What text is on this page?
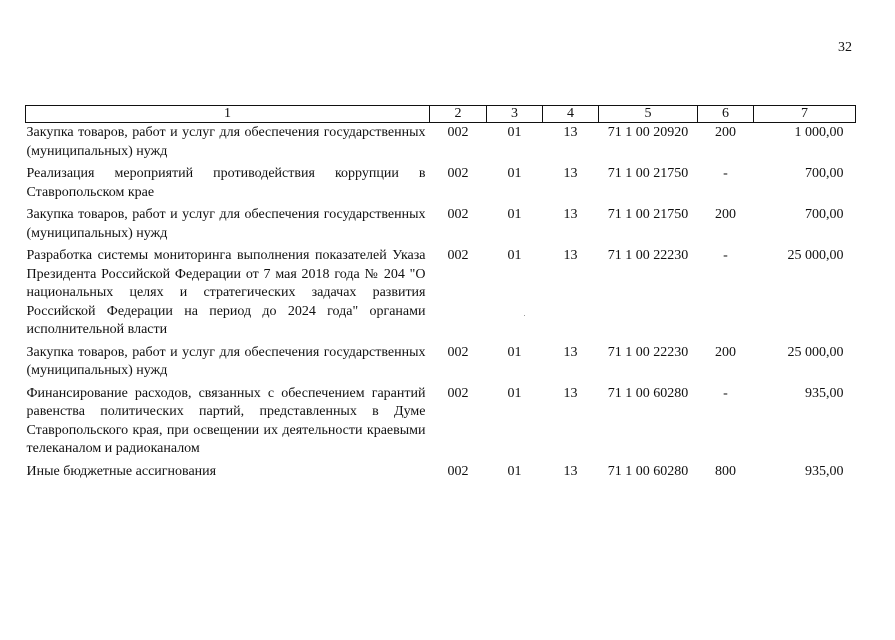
32
1	2	3	4	5	6	7
Закупка товаров, работ и услуг для обеспечения государственных (муниципальных) нужд	002	01	13	71 1 00 20920	200	1 000,00
Реализация мероприятий противодействия коррупции в Ставропольском крае	002	01	13	71 1 00 21750	-	700,00
Закупка товаров, работ и услуг для обеспечения государственных (муниципальных) нужд	002	01	13	71 1 00 21750	200	700,00
Разработка системы мониторинга выполнения показателей Указа Президента Российской Федерации от 7 мая 2018 года № 204 "О национальных целях и стратегических задачах развития Российской Федерации на период до 2024 года" органами исполнительной власти	002	01	13	71 1 00 22230	-	25 000,00
Закупка товаров, работ и услуг для обеспечения государственных (муниципальных) нужд	002	01	13	71 1 00 22230	200	25 000,00
Финансирование расходов, связанных с обеспечением гарантий равенства политических партий, представленных в Думе Ставропольского края, при освещении их деятельности краевыми телеканалом и радиоканалом	002	01	13	71 1 00 60280	-	935,00
Иные бюджетные ассигнования	002	01	13	71 1 00 60280	800	935,00
